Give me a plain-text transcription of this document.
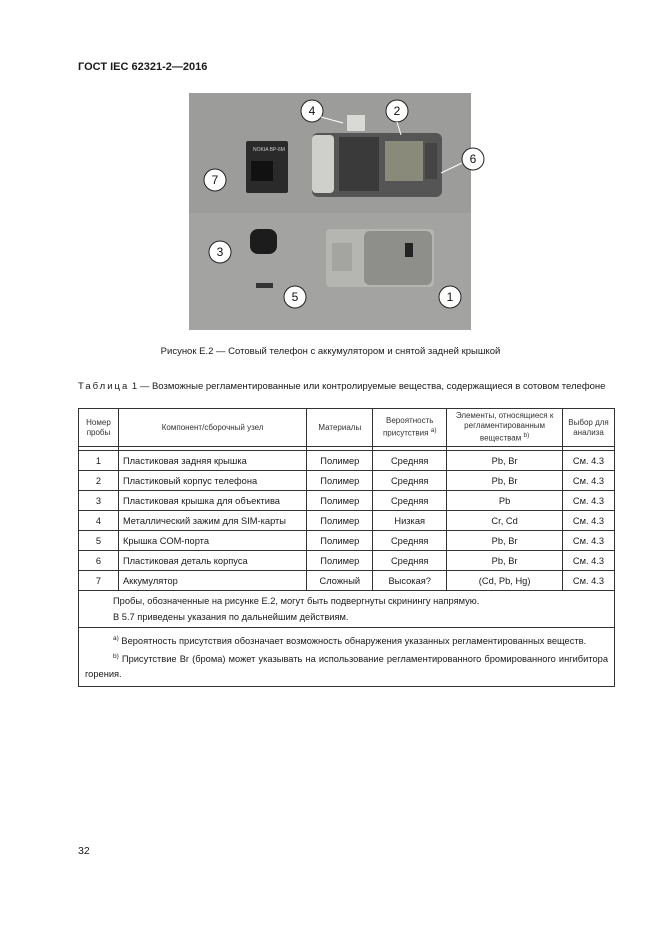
ГОСТ IEC 62321-2—2016
NOKIA BP-6M
1
2
3
4
5
6
7
Рисунок Е.2 — Сотовый телефон с аккумулятором и снятой задней крышкой
Таблица 1 — Возможные регламентированные или контролируемые вещества, содержащиеся в сотовом телефоне
Номер пробы	Компонент/сборочный узел	Материалы	Вероятность присутствия $^{a)}$	Элементы, относящиеся к регламентированным веществам $^{b)}$	Выбор для анализа

1	Пластиковая задняя крышка	Полимер	Средняя	Pb, Br	См. 4.3
2	Пластиковый корпус телефона	Полимер	Средняя	Pb, Br	См. 4.3
3	Пластиковая крышка для объектива	Полимер	Средняя	Pb	См. 4.3
4	Металлический зажим для SIM-карты	Полимер	Низкая	Cr, Cd	См. 4.3
5	Крышка COM-порта	Полимер	Средняя	Pb, Br	См. 4.3
6	Пластиковая деталь корпуса	Полимер	Средняя	Pb, Br	См. 4.3
7	Аккумулятор	Сложный	Высокая?	(Cd, Pb, Hg)	См. 4.3

Пробы, обозначенные на рисунке Е.2, могут быть подвергнуты скринингу напрямую.
В 5.7 приведены указания по дальнейшим действиям.					

$^{a)}$ Вероятность присутствия обозначает возможность обнаружения указанных регламентированных веществ.

$^{b)}$ Присутствие Br (брома) может указывать на использование регламентированного бромированного ингибитора горения.					

32
